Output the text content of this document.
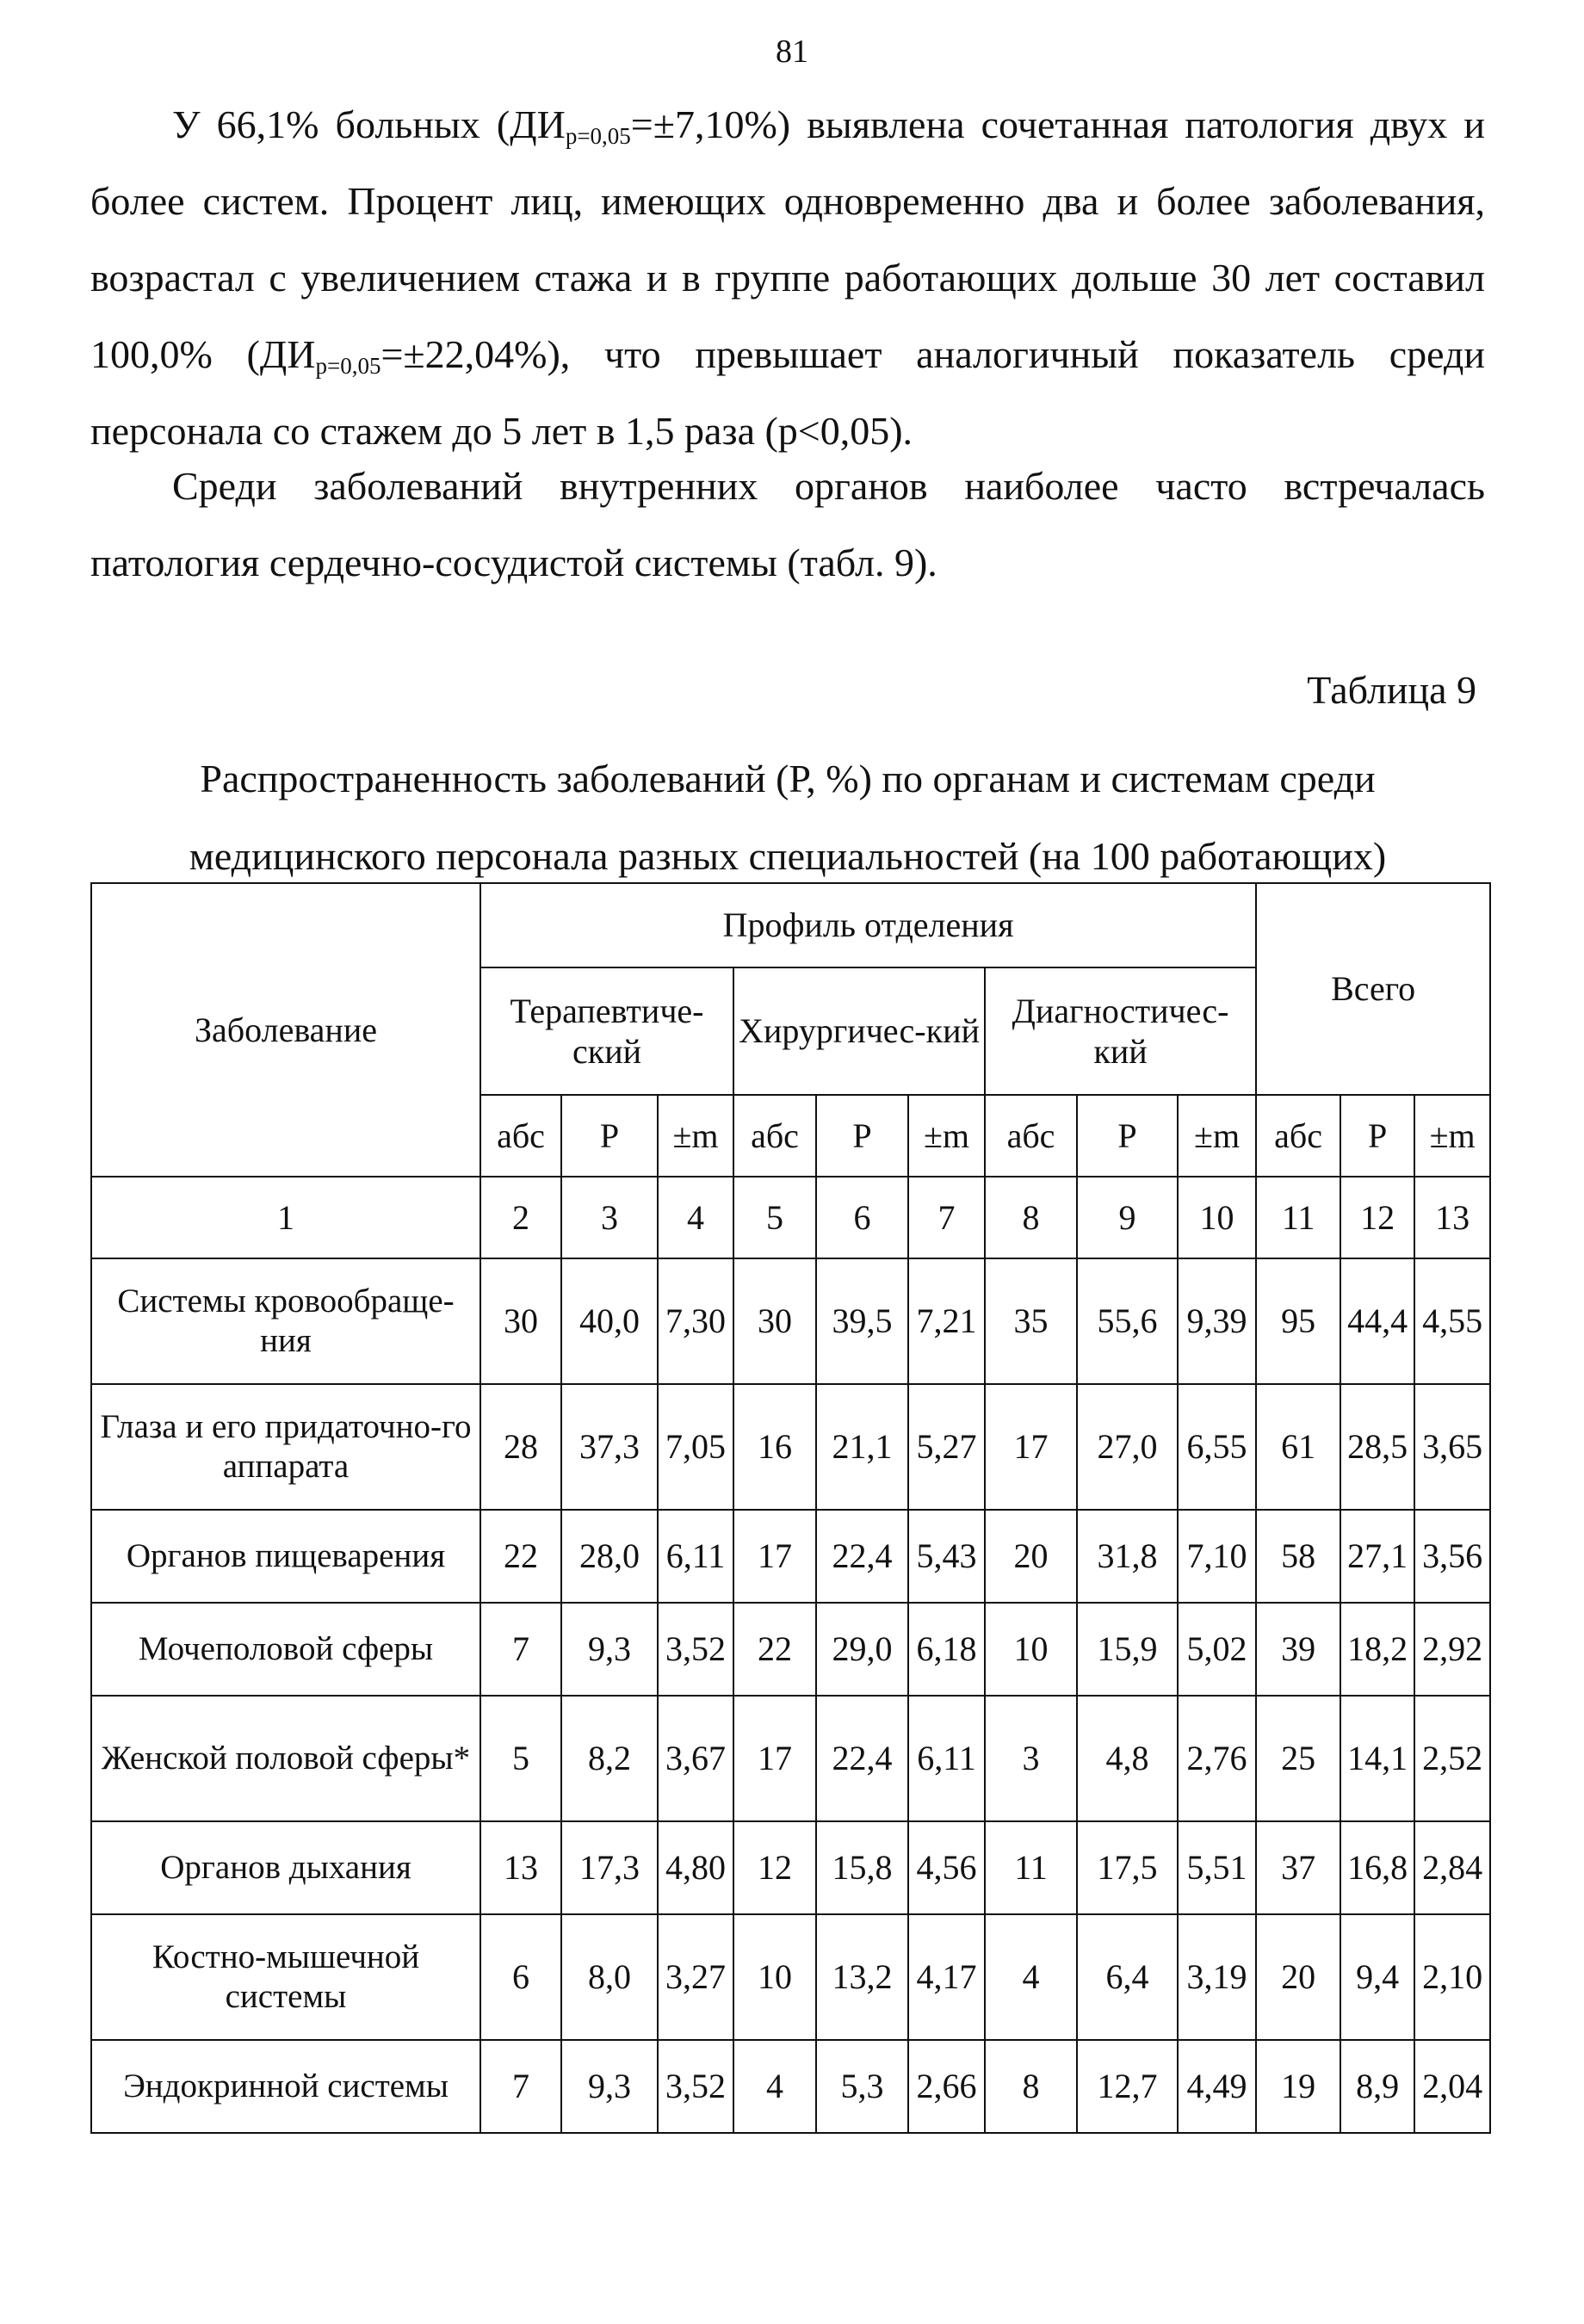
81

У 66,1% больных $(ДИ_{р=0,05}=\pm 7,10\%)$ выявлена сочетанная патология двух и более систем. Процент лиц, имеющих одновременно два и более заболевания, возрастал с увеличением стажа и в группе работающих дольше 30 лет составил 100,0% $(ДИ_{р=0,05}=\pm 22,04\%)$, что превышает аналогичный показатель среди персонала со стажем до 5 лет в 1,5 раза (р<0,05).

Среди заболеваний внутренних органов наиболее часто встречалась патология сердечно-сосудистой системы (табл. 9).

Таблица 9

Распространенность заболеваний (Р, %) по органам и системам среди медицинского персонала разных специальностей (на 100 работающих)

Заболевание	Профиль отделения									Всего		
	Терапевтиче-ский			Хирургичес-кий			Диагностичес-кий					
	абс	Р	±m	абс	Р	±m	абс	Р	±m	абс	Р	±m
1	2	3	4	5	6	7	8	9	10	11	12	13
Системы кровообраще-ния	30	40,0	7,30	30	39,5	7,21	35	55,6	9,39	95	44,4	4,55
Глаза и его придаточно-го аппарата	28	37,3	7,05	16	21,1	5,27	17	27,0	6,55	61	28,5	3,65
Органов пищеварения	22	28,0	6,11	17	22,4	5,43	20	31,8	7,10	58	27,1	3,56
Мочеполовой сферы	7	9,3	3,52	22	29,0	6,18	10	15,9	5,02	39	18,2	2,92
Женской половой сферы*	5	8,2	3,67	17	22,4	6,11	3	4,8	2,76	25	14,1	2,52
Органов дыхания	13	17,3	4,80	12	15,8	4,56	11	17,5	5,51	37	16,8	2,84
Костно-мышечной системы	6	8,0	3,27	10	13,2	4,17	4	6,4	3,19	20	9,4	2,10
Эндокринной системы	7	9,3	3,52	4	5,3	2,66	8	12,7	4,49	19	8,9	2,04
